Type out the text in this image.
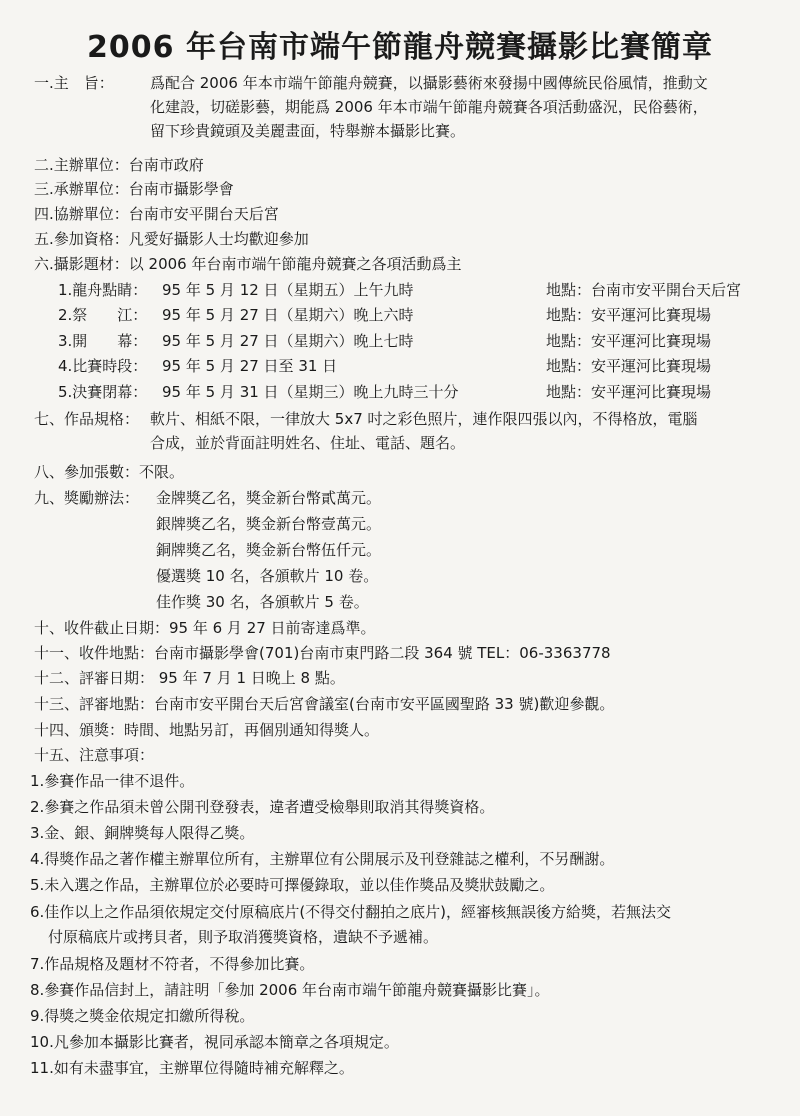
2006 年台南市端午節龍舟競賽攝影比賽簡章
一.主　旨： 爲配合 2006 年本市端午節龍舟競賽，以攝影藝術來發揚中國傳統民俗風情，推動文
化建設，切磋影藝，期能爲 2006 年本市端午節龍舟競賽各項活動盛況，民俗藝術，
留下珍貴鏡頭及美麗畫面，特舉辦本攝影比賽。
二.主辦單位：台南市政府
三.承辦單位：台南市攝影學會
四.協辦單位：台南市安平開台天后宮
五.參加資格：凡愛好攝影人士均歡迎參加
六.攝影題材：以 2006 年台南市端午節龍舟競賽之各項活動爲主
1.龍舟點睛： 95 年 5 月 12 日（星期五）上午九時	地點：台南市安平開台天后宮
2.祭　　江： 95 年 5 月 27 日（星期六）晚上六時	地點：安平運河比賽現場
3.開　　幕： 95 年 5 月 27 日（星期六）晚上七時	地點：安平運河比賽現場
4.比賽時段： 95 年 5 月 27 日至 31 日	地點：安平運河比賽現場
5.決賽閉幕： 95 年 5 月 31 日（星期三）晚上九時三十分	地點：安平運河比賽現場
七、作品規格： 軟片、相紙不限，一律放大 5x7 吋之彩色照片，連作限四張以內，不得格放，電腦
合成，並於背面註明姓名、住址、電話、題名。
八、參加張數：不限。
九、獎勵辦法： 金牌獎乙名，獎金新台幣貳萬元。
銀牌獎乙名，獎金新台幣壹萬元。
銅牌獎乙名，獎金新台幣伍仟元。
優選獎 10 名，各頒軟片 10 卷。
佳作獎 30 名，各頒軟片 5 卷。
十、收件截止日期：95 年 6 月 27 日前寄達爲準。
十一、收件地點：台南市攝影學會(701)台南市東門路二段 364 號 TEL：06-3363778
十二、評審日期： 95 年 7 月 1 日晚上 8 點。
十三、評審地點：台南市安平開台天后宮會議室(台南市安平區國聖路 33 號)歡迎參觀。
十四、頒獎：時間、地點另訂，再個別通知得獎人。
十五、注意事項：
1.參賽作品一律不退件。
2.參賽之作品須未曾公開刊登發表，違者遭受檢舉則取消其得獎資格。
3.金、銀、銅牌獎每人限得乙獎。
4.得獎作品之著作權主辦單位所有，主辦單位有公開展示及刊登雜誌之權利，不另酬謝。
5.未入選之作品，主辦單位於必要時可擇優錄取，並以佳作獎品及獎狀鼓勵之。
6.佳作以上之作品須依規定交付原稿底片(不得交付翻拍之底片)，經審核無誤後方給獎，若無法交
付原稿底片或拷貝者，則予取消獲獎資格，遺缺不予遞補。
7.作品規格及題材不符者，不得參加比賽。
8.參賽作品信封上，請註明「參加 2006 年台南市端午節龍舟競賽攝影比賽」。
9.得獎之獎金依規定扣繳所得稅。
10.凡參加本攝影比賽者，視同承認本簡章之各項規定。
11.如有未盡事宜，主辦單位得隨時補充解釋之。
